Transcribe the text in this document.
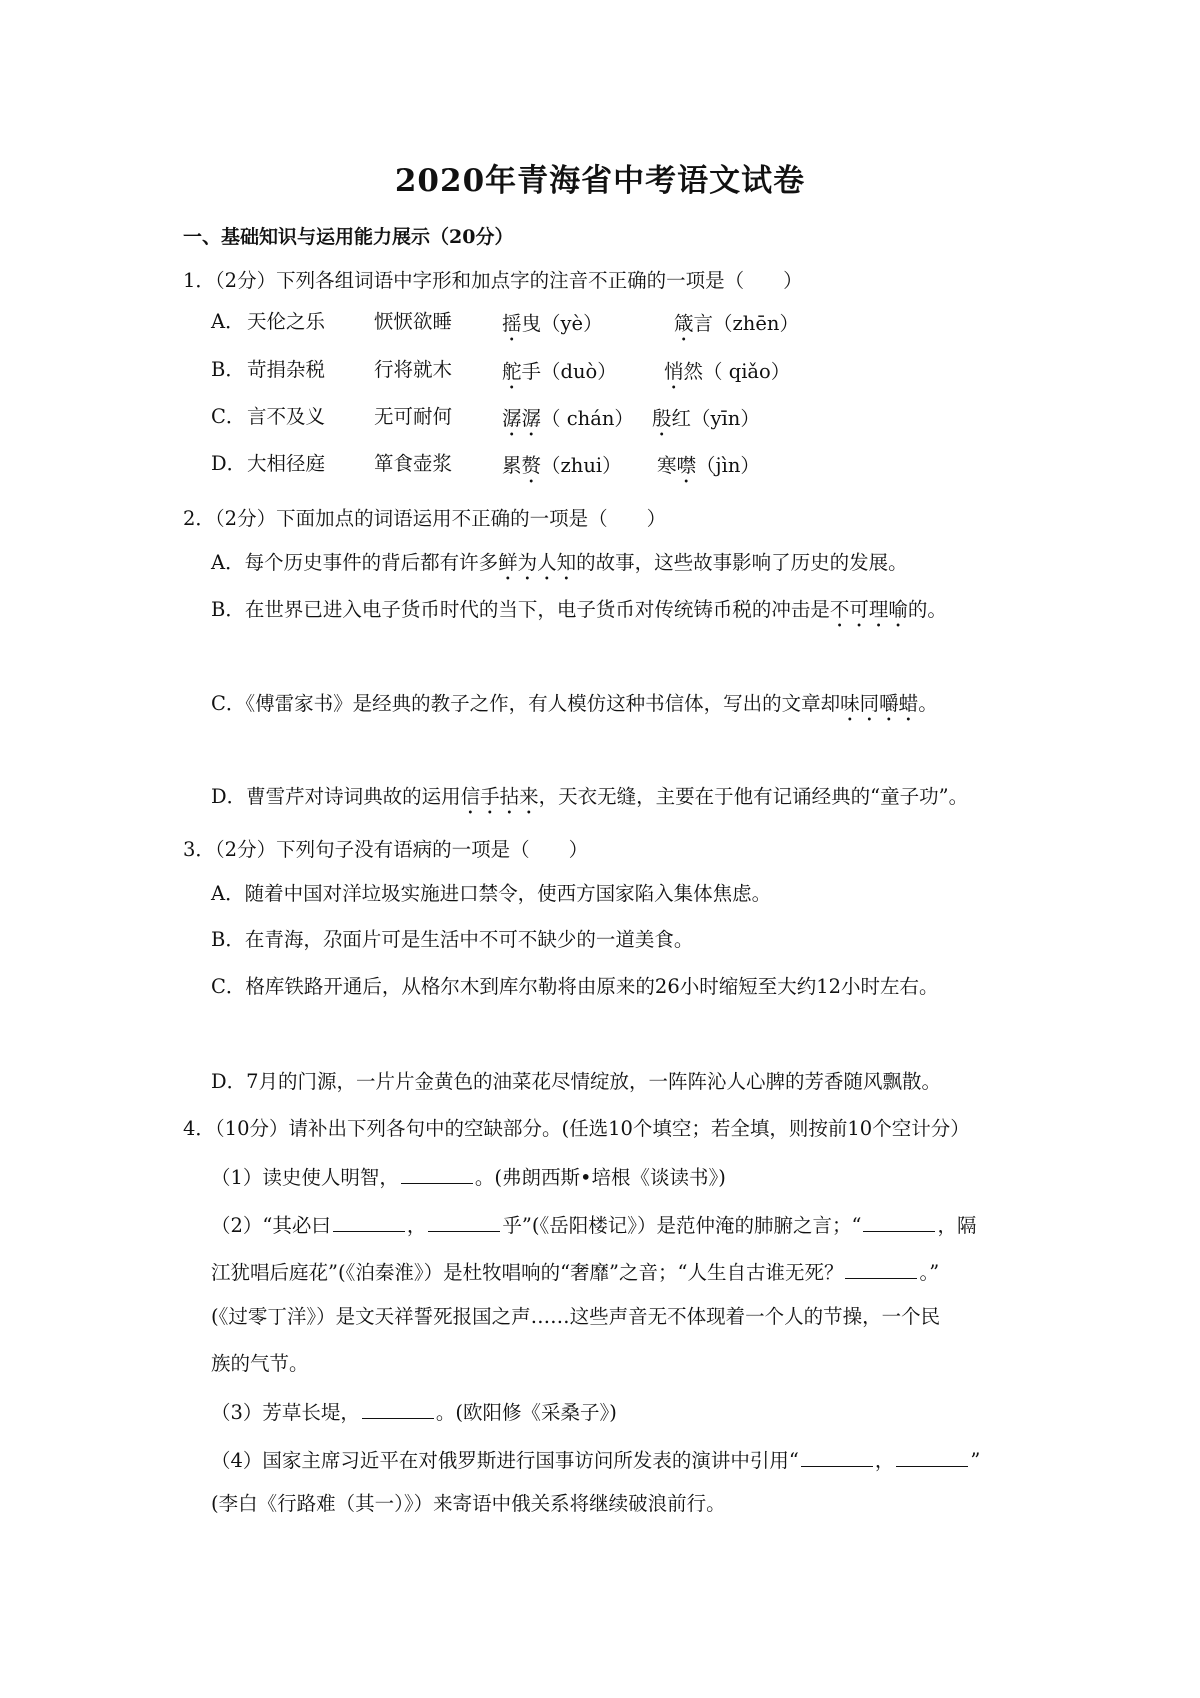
2020年青海省中考语文试卷
一、基础知识与运用能力展示（20分）
1．（2分）下列各组词语中字形和加点字的注音不正确的一项是（　　）
A． 天伦之乐	恹恹欲睡	摇曳（yè）	箴言（zhēn）
B． 苛捐杂税	行将就木	舵手（duò） 悄然（ qiǎo）
C． 言不及义	无可耐何	潺潺（ chán） 殷红（yīn）
D． 大相径庭	箪食壶浆	累赘（zhui） 寒噤（jìn）
2．（2分）下面加点的词语运用不正确的一项是（　　）
A．每个历史事件的背后都有许多鲜为人知的故事，这些故事影响了历史的发展。
B．在世界已进入电子货币时代的当下，电子货币对传统铸币税的冲击是不可理喻的。
C．《傅雷家书》是经典的教子之作，有人模仿这种书信体，写出的文章却味同嚼蜡。
D．曹雪芹对诗词典故的运用信手拈来，天衣无缝，主要在于他有记诵经典的“童子功”。
3．（2分）下列句子没有语病的一项是（　　）
A．随着中国对洋垃圾实施进口禁令，使西方国家陷入集体焦虑。
B．在青海，尕面片可是生活中不可不缺少的一道美食。
C．格库铁路开通后，从格尔木到库尔勒将由原来的26小时缩短至大约12小时左右。
D．7月的门源，一片片金黄色的油菜花尽情绽放，一阵阵沁人心脾的芳香随风飘散。
4．（10分）请补出下列各句中的空缺部分。(任选10个填空；若全填，则按前10个空计分）
（1）读史使人明智，	。(弗朗西斯•培根《谈读书》)
（2）“其必曰	，	乎”(《岳阳楼记》）是范仲淹的肺腑之言；“	，隔
江犹唱后庭花”(《泊秦淮》）是杜牧唱响的“奢靡”之音；“人生自古谁无死？	。”
(《过零丁洋》）是文天祥誓死报国之声……这些声音无不体现着一个人的节操，一个民
族的气节。
（3）芳草长堤，	。(欧阳修《采桑子》)
（4）国家主席习近平在对俄罗斯进行国事访问所发表的演讲中引用“	，	”
(李白《行路难（其一）》）来寄语中俄关系将继续破浪前行。
